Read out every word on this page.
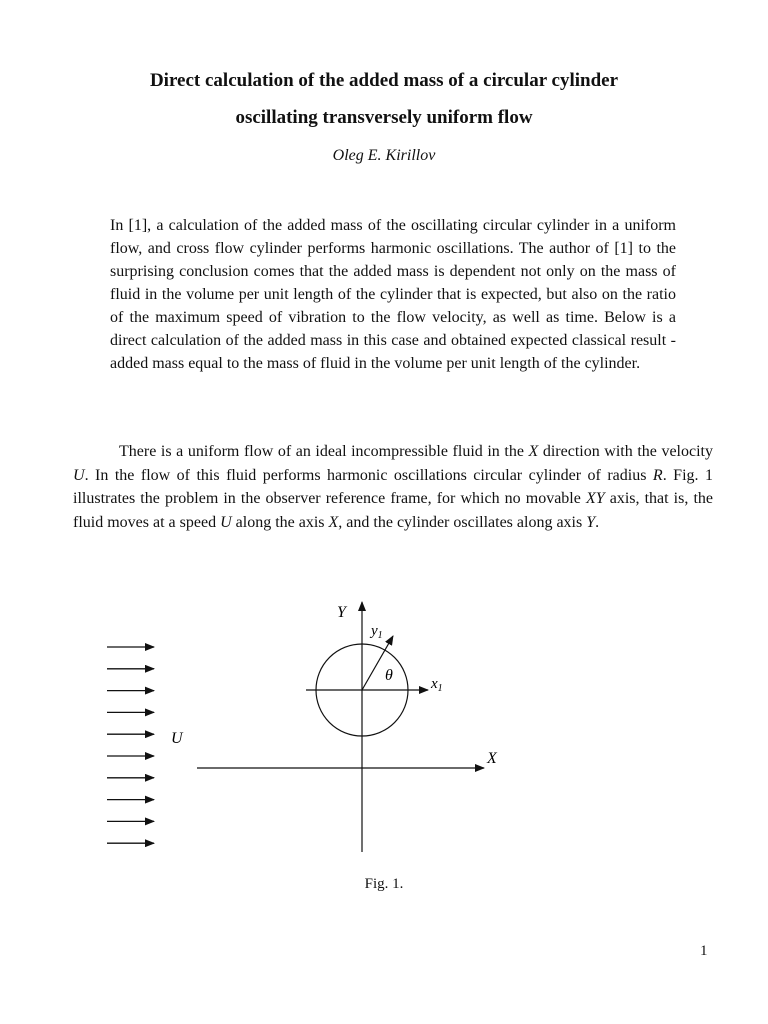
Direct calculation of the added mass of a circular cylinder
oscillating transversely uniform flow
Oleg E. Kirillov

In [1], a calculation of the added mass of the oscillating circular cylinder in a uniform flow, and cross flow cylinder performs harmonic oscillations. The author of [1] to the surprising conclusion comes that the added mass is dependent not only on the mass of fluid in the volume per unit length of the cylinder that is expected, but also on the ratio of the maximum speed of vibration to the flow velocity, as well as time. Below is a direct calculation of the added mass in this case and obtained expected classical result - added mass equal to the mass of fluid in the volume per unit length of the cylinder.

There is a uniform flow of an ideal incompressible fluid in the X direction with the velocity U. In the flow of this fluid performs harmonic oscillations circular cylinder of radius R. Fig. 1 illustrates the problem in the observer reference frame, for which no movable XY axis, that is, the fluid moves at a speed U along the axis X, and the cylinder oscillates along axis Y.

Y
$y_1$
θ	$x_1$
U
X
Fig. 1.
1
